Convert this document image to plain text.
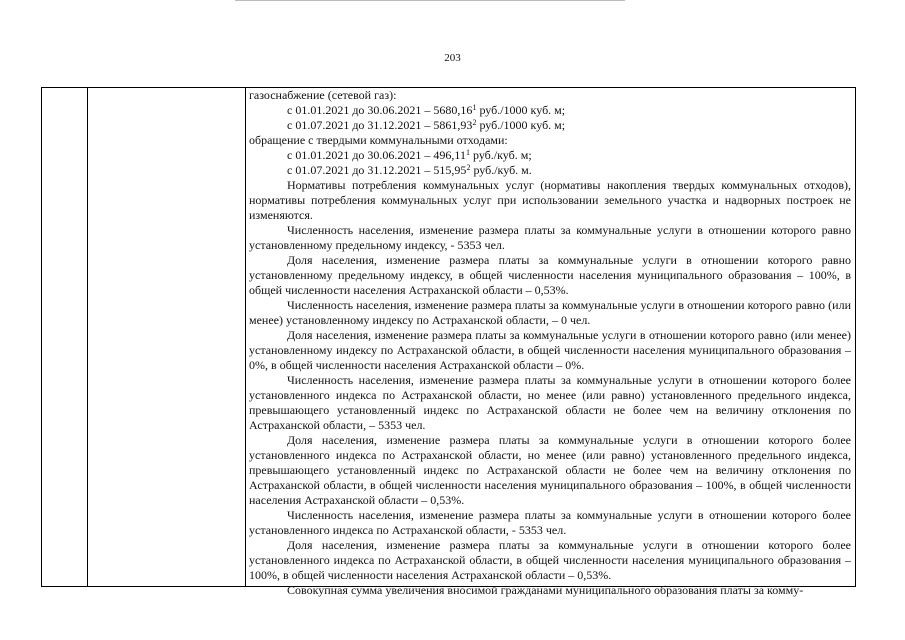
203

газоснабжение (сетевой газ):

с 01.01.2021 до 30.06.2021 – 5680,16$^1$ руб./1000 куб. м;

с 01.07.2021 до 31.12.2021 – 5861,93$^2$ руб./1000 куб. м;

обращение с твердыми коммунальными отходами:

с 01.01.2021 до 30.06.2021 – 496,11$^1$ руб./куб. м;

с 01.07.2021 до 31.12.2021 – 515,95$^2$ руб./куб. м.

Нормативы потребления коммунальных услуг (нормативы накопления твердых коммунальных отходов), нормативы потребления коммунальных услуг при использовании земельного участка и надворных построек не изменяются.

Численность населения, изменение размера платы за коммунальные услуги в отношении которого равно установленному предельному индексу, - 5353 чел.

Доля населения, изменение размера платы за коммунальные услуги в отношении которого равно установленному предельному индексу, в общей численности населения муниципального образования – 100%, в общей численности населения Астраханской области – 0,53%.

Численность населения, изменение размера платы за коммунальные услуги в отношении которого равно (или менее) установленному индексу по Астраханской области, – 0 чел.

Доля населения, изменение размера платы за коммунальные услуги в отношении которого равно (или менее) установленному индексу по Астраханской области, в общей численности населения муниципального образования – 0%, в общей численности населения Астраханской области – 0%.

Численность населения, изменение размера платы за коммунальные услуги в отношении которого более установленного индекса по Астраханской области, но менее (или равно) установленного предельного индекса, превышающего установленный индекс по Астраханской области не более чем на величину отклонения по Астраханской области, – 5353 чел.

Доля населения, изменение размера платы за коммунальные услуги в отношении которого более установленного индекса по Астраханской области, но менее (или равно) установленного предельного индекса, превышающего установленный индекс по Астраханской области не более чем на величину отклонения по Астраханской области, в общей численности населения муниципального образования – 100%, в общей численности населения Астраханской области – 0,53%.

Численность населения, изменение размера платы за коммунальные услуги в отношении которого более установленного индекса по Астраханской области, - 5353 чел.

Доля населения, изменение размера платы за коммунальные услуги в отношении которого более установленного индекса по Астраханской области, в общей численности населения муниципального образования – 100%, в общей численности населения Астраханской области – 0,53%.

Совокупная сумма увеличения вносимой гражданами муниципального образования платы за комму-
